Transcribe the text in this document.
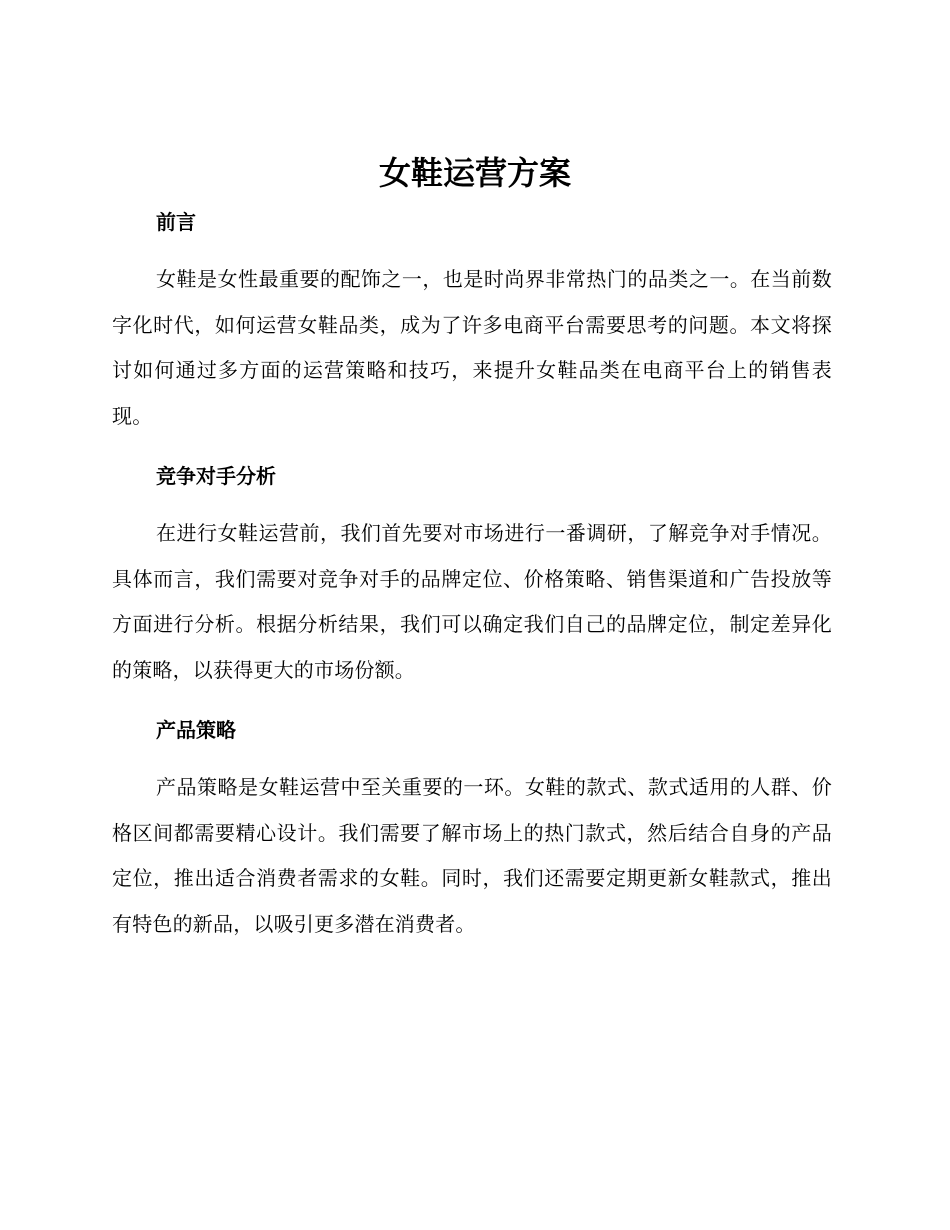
女鞋运营方案

前言

女鞋是女性最重要的配饰之一，也是时尚界非常热门的品类之一。在当前数字化时代，如何运营女鞋品类，成为了许多电商平台需要思考的问题。本文将探讨如何通过多方面的运营策略和技巧，来提升女鞋品类在电商平台上的销售表现。

竞争对手分析

在进行女鞋运营前，我们首先要对市场进行一番调研，了解竞争对手情况。具体而言，我们需要对竞争对手的品牌定位、价格策略、销售渠道和广告投放等方面进行分析。根据分析结果，我们可以确定我们自己的品牌定位，制定差异化的策略，以获得更大的市场份额。

产品策略

产品策略是女鞋运营中至关重要的一环。女鞋的款式、款式适用的人群、价格区间都需要精心设计。我们需要了解市场上的热门款式，然后结合自身的产品定位，推出适合消费者需求的女鞋。同时，我们还需要定期更新女鞋款式，推出有特色的新品，以吸引更多潜在消费者。
